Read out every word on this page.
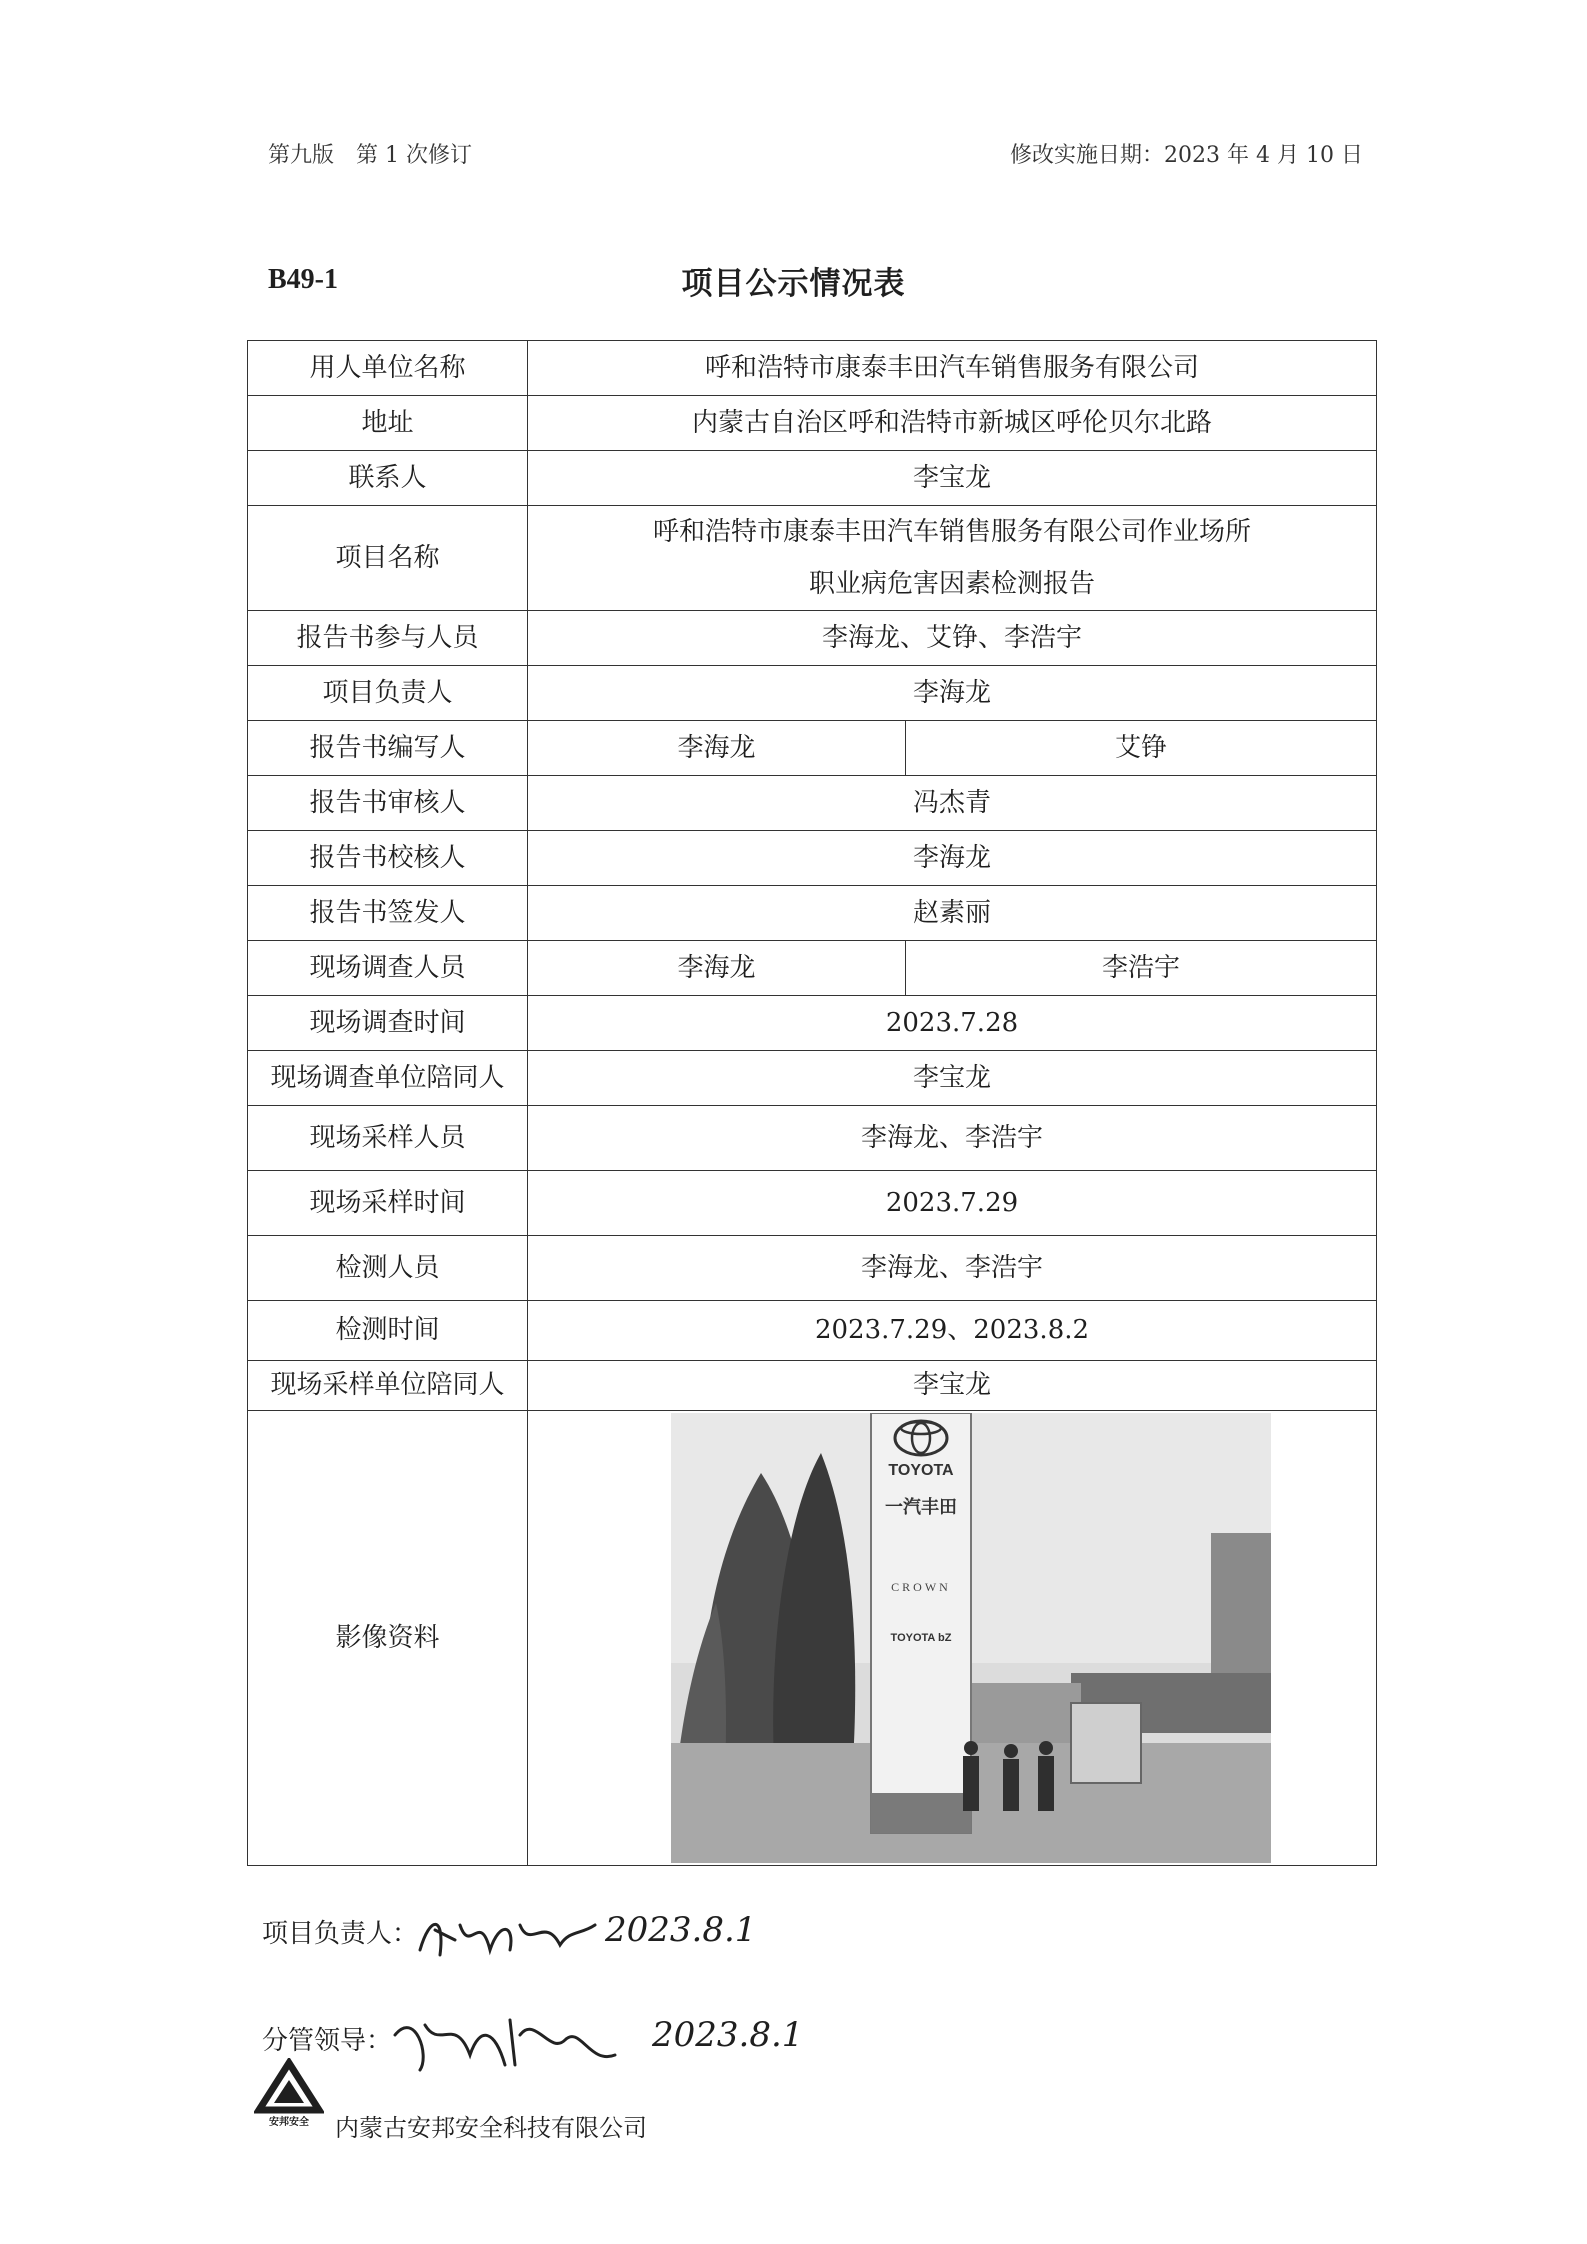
第九版　第 1 次修订	修改实施日期：2023 年 4 月 10 日
B49-1	项目公示情况表
用人单位名称	呼和浩特市康泰丰田汽车销售服务有限公司	
地址	内蒙古自治区呼和浩特市新城区呼伦贝尔北路	
联系人	李宝龙	
项目名称	呼和浩特市康泰丰田汽车销售服务有限公司作业场所
职业病危害因素检测报告	

报告书参与人员	李海龙、艾铮、李浩宇	
项目负责人	李海龙	
报告书编写人	李海龙	艾铮
报告书审核人	冯杰青	
报告书校核人	李海龙	
报告书签发人	赵素丽	
现场调查人员	李海龙	李浩宇
现场调查时间	2023.7.28	
现场调查单位陪同人	李宝龙	
现场采样人员	李海龙、李浩宇	
现场采样时间	2023.7.29	
检测人员	李海龙、李浩宇	
检测时间	2023.7.29、2023.8.2	
现场采样单位陪同人	李宝龙	
影像资料	TOYOTA
一汽丰田
CROWN
TOYOTA bZ	
项目负责人：	2023.8.1
分管领导：	2023.8.1
安邦安全 内蒙古安邦安全科技有限公司
